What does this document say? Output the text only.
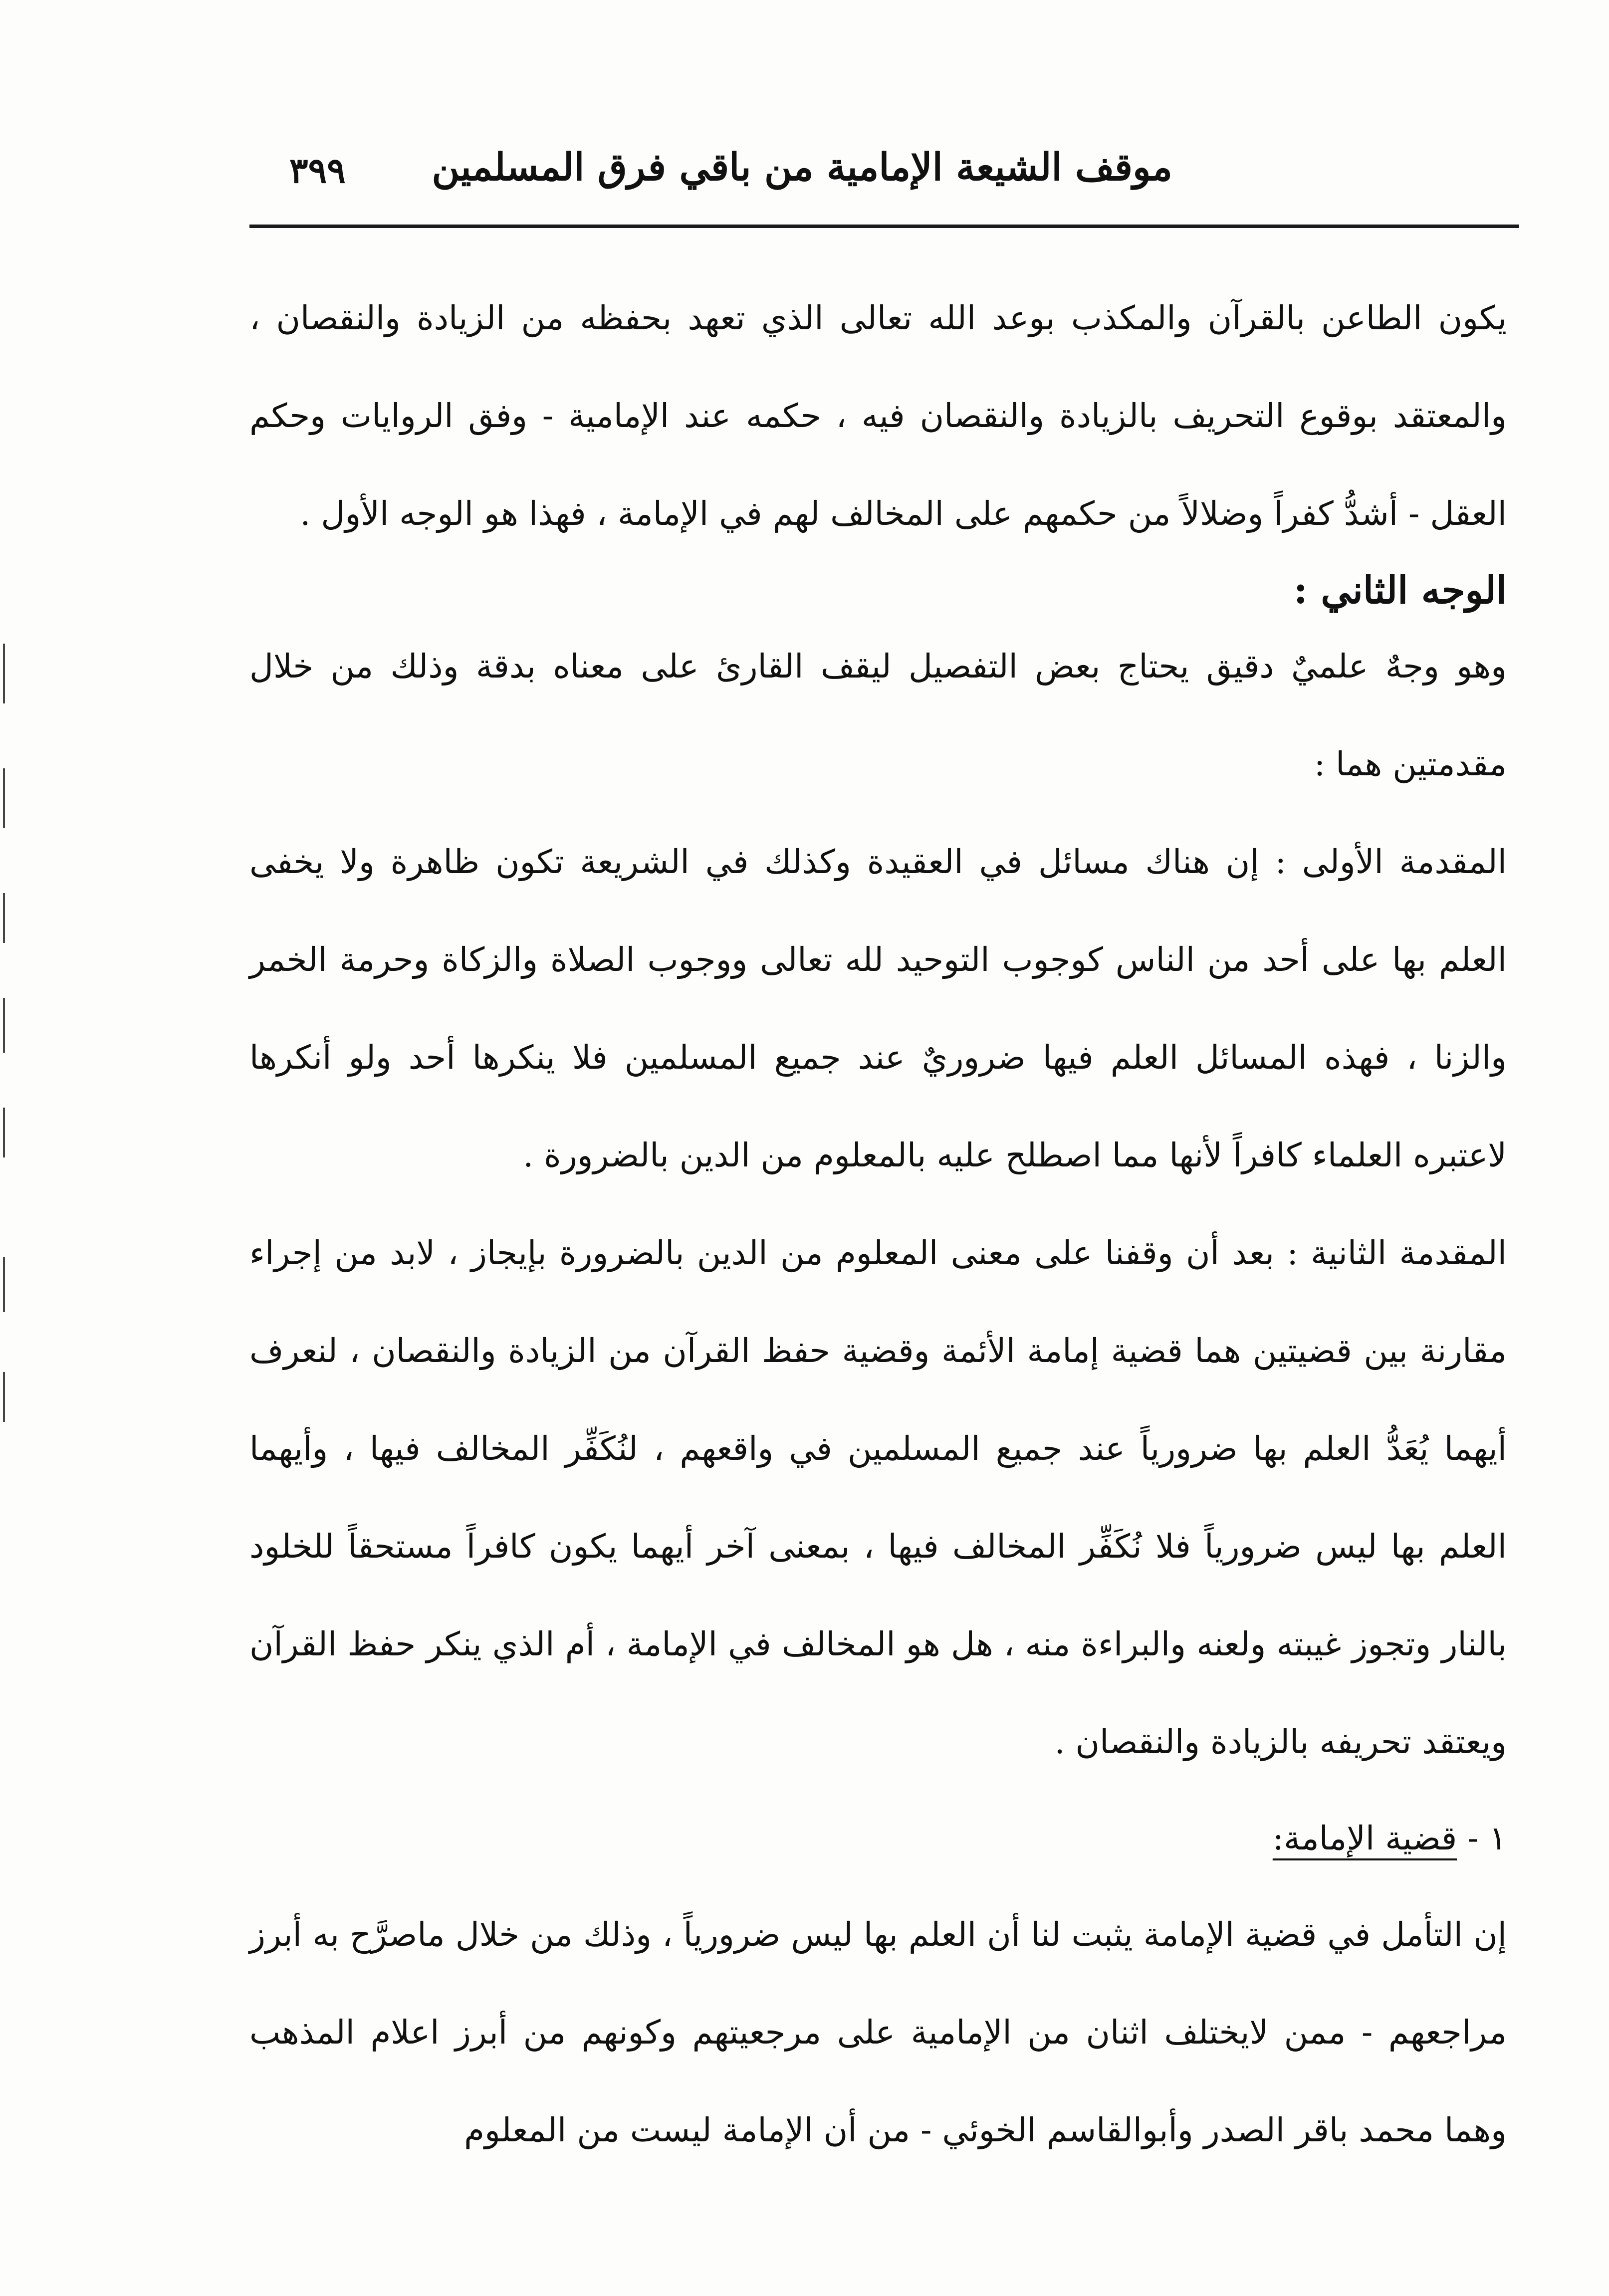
موقف الشيعة الإمامية من باقي فرق المسلمين
٣٩٩

يكون الطاعن بالقرآن والمكذب بوعد الله تعالى الذي تعهد بحفظه من الزيادة والنقصان ، والمعتقد بوقوع التحريف بالزيادة والنقصان فيه ، حكمه عند الإمامية - وفق الروايات وحكم العقل - أشدُّ كفراً وضلالاً من حكمهم على المخالف لهم في الإمامة ، فهذا هو الوجه الأول .

الوجه الثاني :

وهو وجهٌ علميٌ دقيق يحتاج بعض التفصيل ليقف القارئ على معناه بدقة وذلك من خلال مقدمتين هما :

المقدمة الأولى : إن هناك مسائل في العقيدة وكذلك في الشريعة تكون ظاهرة ولا يخفى العلم بها على أحد من الناس كوجوب التوحيد لله تعالى ووجوب الصلاة والزكاة وحرمة الخمر والزنا ، فهذه المسائل العلم فيها ضروريٌ عند جميع المسلمين فلا ينكرها أحد ولو أنكرها لاعتبره العلماء كافراً لأنها مما اصطلح عليه بالمعلوم من الدين بالضرورة .

المقدمة الثانية : بعد أن وقفنا على معنى المعلوم من الدين بالضرورة بإيجاز ، لابد من إجراء مقارنة بين قضيتين هما قضية إمامة الأئمة وقضية حفظ القرآن من الزيادة والنقصان ، لنعرف أيهما يُعَدُّ العلم بها ضرورياً عند جميع المسلمين في واقعهم ، لنُكَفِّر المخالف فيها ، وأيهما العلم بها ليس ضرورياً فلا نُكَفِّر المخالف فيها ، بمعنى آخر أيهما يكون كافراً مستحقاً للخلود بالنار وتجوز غيبته ولعنه والبراءة منه ، هل هو المخالف في الإمامة ، أم الذي ينكر حفظ القرآن ويعتقد تحريفه بالزيادة والنقصان .

١ - قضية الإمامة:

إن التأمل في قضية الإمامة يثبت لنا أن العلم بها ليس ضرورياً ، وذلك من خلال ماصرَّح به أبرز مراجعهم - ممن لايختلف اثنان من الإمامية على مرجعيتهم وكونهم من أبرز اعلام المذهب وهما محمد باقر الصدر وأبوالقاسم الخوئي - من أن الإمامة ليست من المعلوم
